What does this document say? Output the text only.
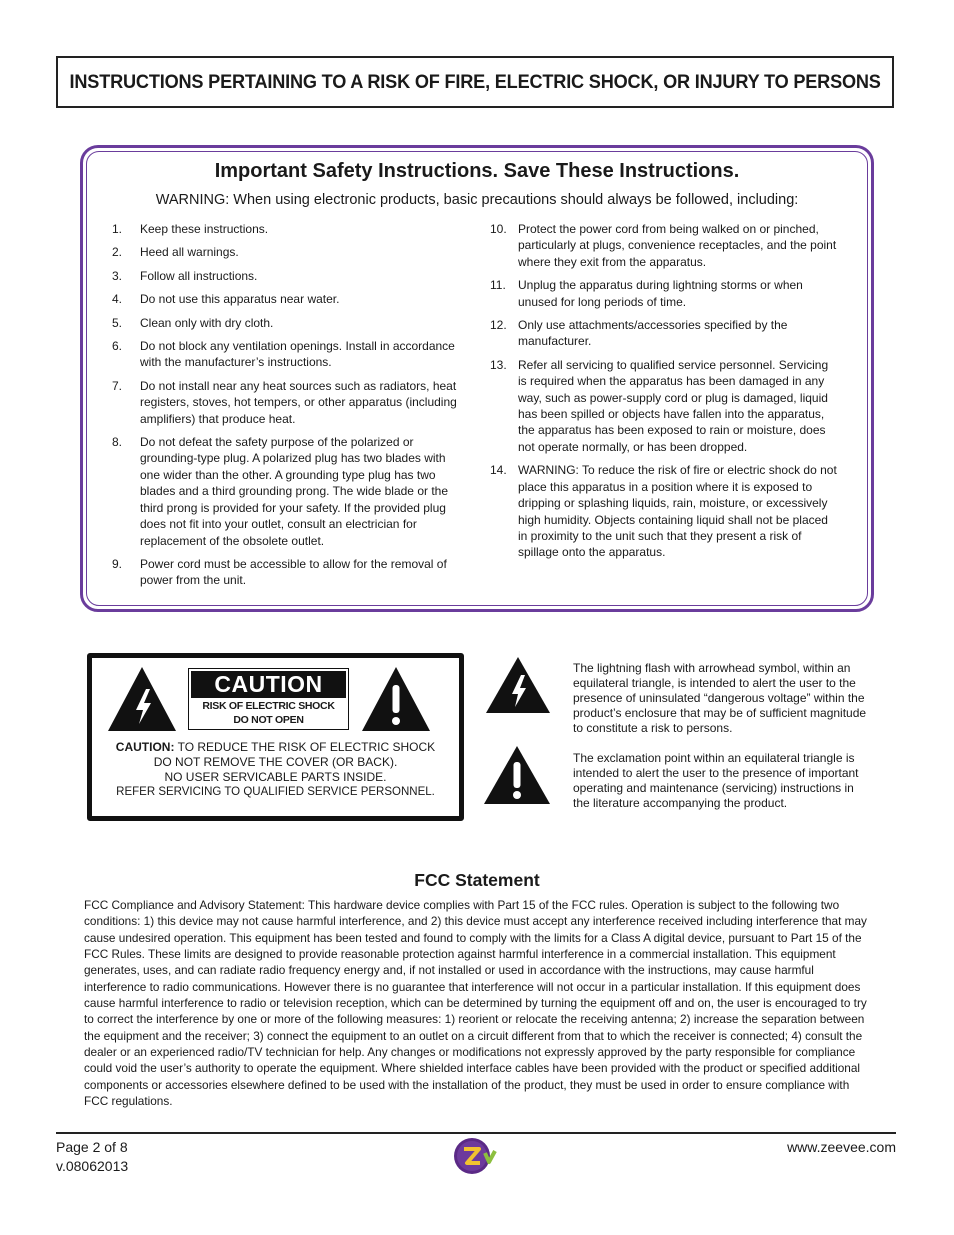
INSTRUCTIONS PERTAINING TO A RISK OF FIRE, ELECTRIC SHOCK, OR INJURY TO PERSONS
Important Safety Instructions. Save These Instructions.
WARNING: When using electronic products, basic precautions should always be followed, including:
1.	Keep these instructions.
2.	Heed all warnings.
3.	Follow all instructions.
4.	Do not use this apparatus near water.
5.	Clean only with dry cloth.
6.	Do not block any ventilation openings. Install in accordance with the manufacturer’s instructions.
7.	Do not install near any heat sources such as radiators, heat registers, stoves, hot tempers, or other apparatus (including amplifiers) that produce heat.
8.	Do not defeat the safety purpose of the polarized or grounding-type plug. A polarized plug has two blades with one wider than the other. A grounding type plug has two blades and a third grounding prong. The wide blade or the third prong is provided for your safety. If the provided plug does not fit into your outlet, consult an electrician for replacement of the obsolete outlet.
9.	Power cord must be accessible to allow for the removal of power from the unit.
10. Protect the power cord from being walked on or pinched, particularly at plugs, convenience receptacles, and the point where they exit from the apparatus.
11.	Unplug the apparatus during lightning storms or when unused for long periods of time.
12. Only use attachments/accessories specified by the manufacturer.
13. Refer all servicing to qualified service personnel. Servicing is required when the apparatus has been damaged in any way, such as power-supply cord or plug is damaged, liquid has been spilled or objects have fallen into the apparatus, the apparatus has been exposed to rain or moisture, does not operate normally, or has been dropped.
14. WARNING: To reduce the risk of fire or electric shock do not place this apparatus in a position where it is exposed to dripping or splashing liquids, rain, moisture, or excessively high humidity. Objects containing liquid shall not be placed in proximity to the unit such that they present a risk of spillage onto the apparatus.
CAUTION
RISK OF ELECTRIC SHOCK
DO NOT OPEN
CAUTION: TO REDUCE THE RISK OF ELECTRIC SHOCK
DO NOT REMOVE THE COVER (OR BACK).
NO USER SERVICABLE PARTS INSIDE.
REFER SERVICING TO QUALIFIED SERVICE PERSONNEL.
The lightning flash with arrowhead symbol, within an equilateral triangle, is intended to alert the user to the presence of uninsulated “dangerous voltage” within the product’s enclosure that may be of sufficient magnitude to constitute a risk to persons.
The exclamation point within an equilateral triangle is intended to alert the user to the presence of important operating and maintenance (servicing) instructions in the literature accompanying the product.
FCC Statement
FCC Compliance and Advisory Statement: This hardware device complies with Part 15 of the FCC rules. Operation is subject to the following two conditions: 1) this device may not cause harmful interference, and 2) this device must accept any interference received including interference that may cause undesired operation. This equipment has been tested and found to comply with the limits for a Class A digital device, pursuant to Part 15 of the FCC Rules. These limits are designed to provide reasonable protection against harmful interference in a commercial installation. This equipment generates, uses, and can radiate radio frequency energy and, if not installed or used in accordance with the instructions, may cause harmful interference to radio communications. However there is no guarantee that interference will not occur in a particular installation. If this equipment does cause harmful interference to radio or television reception, which can be determined by turning the equipment off and on, the user is encouraged to try to correct the interference by one or more of the following measures: 1) reorient or relocate the receiving antenna; 2) increase the separation between the equipment and the receiver; 3) connect the equipment to an outlet on a circuit different from that to which the receiver is connected; 4) consult the dealer or an experienced radio/TV technician for help. Any changes or modifications not expressly approved by the party responsible for compliance could void the user’s authority to operate the equipment. Where shielded interface cables have been provided with the product or specified additional components or accessories elsewhere defined to be used with the installation of the product, they must be used in order to ensure compliance with FCC regulations.
Page 2 of 8
v.08062013
www.zeevee.com
